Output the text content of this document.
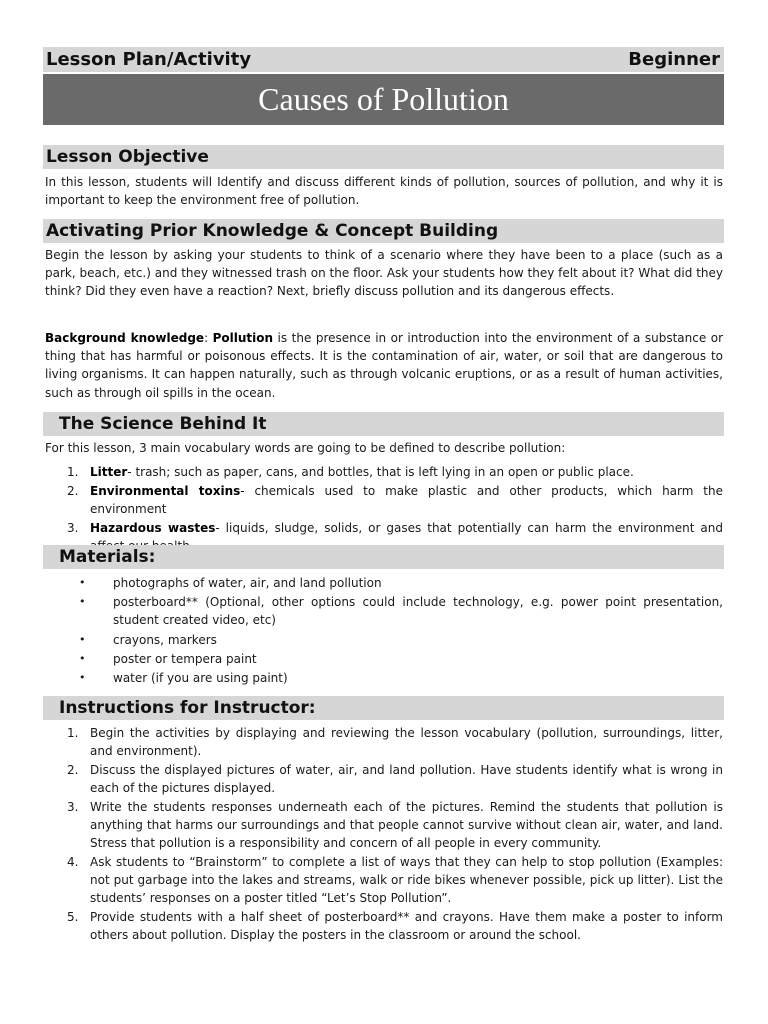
Lesson Plan/Activity	Beginner
Causes of Pollution
Lesson Objective
In this lesson, students will Identify and discuss different kinds of pollution, sources of pollution, and why it is important to keep the environment free of pollution.
Activating Prior Knowledge & Concept Building
Begin the lesson by asking your students to think of a scenario where they have been to a place (such as a park, beach, etc.) and they witnessed trash on the floor. Ask your students how they felt about it? What did they think? Did they even have a reaction? Next, briefly discuss pollution and its dangerous effects.
Background knowledge: Pollution is the presence in or introduction into the environment of a substance or thing that has harmful or poisonous effects. It is the contamination of air, water, or soil that are dangerous to living organisms. It can happen naturally, such as through volcanic eruptions, or as a result of human activities, such as through oil spills in the ocean.
The Science Behind It
For this lesson, 3 main vocabulary words are going to be defined to describe pollution:
1. Litter- trash; such as paper, cans, and bottles, that is left lying in an open or public place.
2. Environmental toxins- chemicals used to make plastic and other products, which harm the environment
3. Hazardous wastes- liquids, sludge, solids, or gases that potentially can harm the environment and
Materials:
• photographs of water, air, and land pollution
• posterboard** (Optional, other options could include technology, e.g. power point presentation, student created video, etc)
• crayons, markers
• poster or tempera paint
• water (if you are using paint)
Instructions for Instructor:
1. Begin the activities by displaying and reviewing the lesson vocabulary (pollution, surroundings, litter, and environment).
2. Discuss the displayed pictures of water, air, and land pollution. Have students identify what is wrong in each of the pictures displayed.
3. Write the students responses underneath each of the pictures. Remind the students that pollution is anything that harms our surroundings and that people cannot survive without clean air, water, and land. Stress that pollution is a responsibility and concern of all people in every community.
4. Ask students to “Brainstorm” to complete a list of ways that they can help to stop pollution (Examples: not put garbage into the lakes and streams, walk or ride bikes whenever possible, pick up litter). List the students’ responses on a poster titled “Let’s Stop Pollution”.
5. Provide students with a half sheet of posterboard** and crayons. Have them make a poster to inform others about pollution. Display the posters in the classroom or around the school.
